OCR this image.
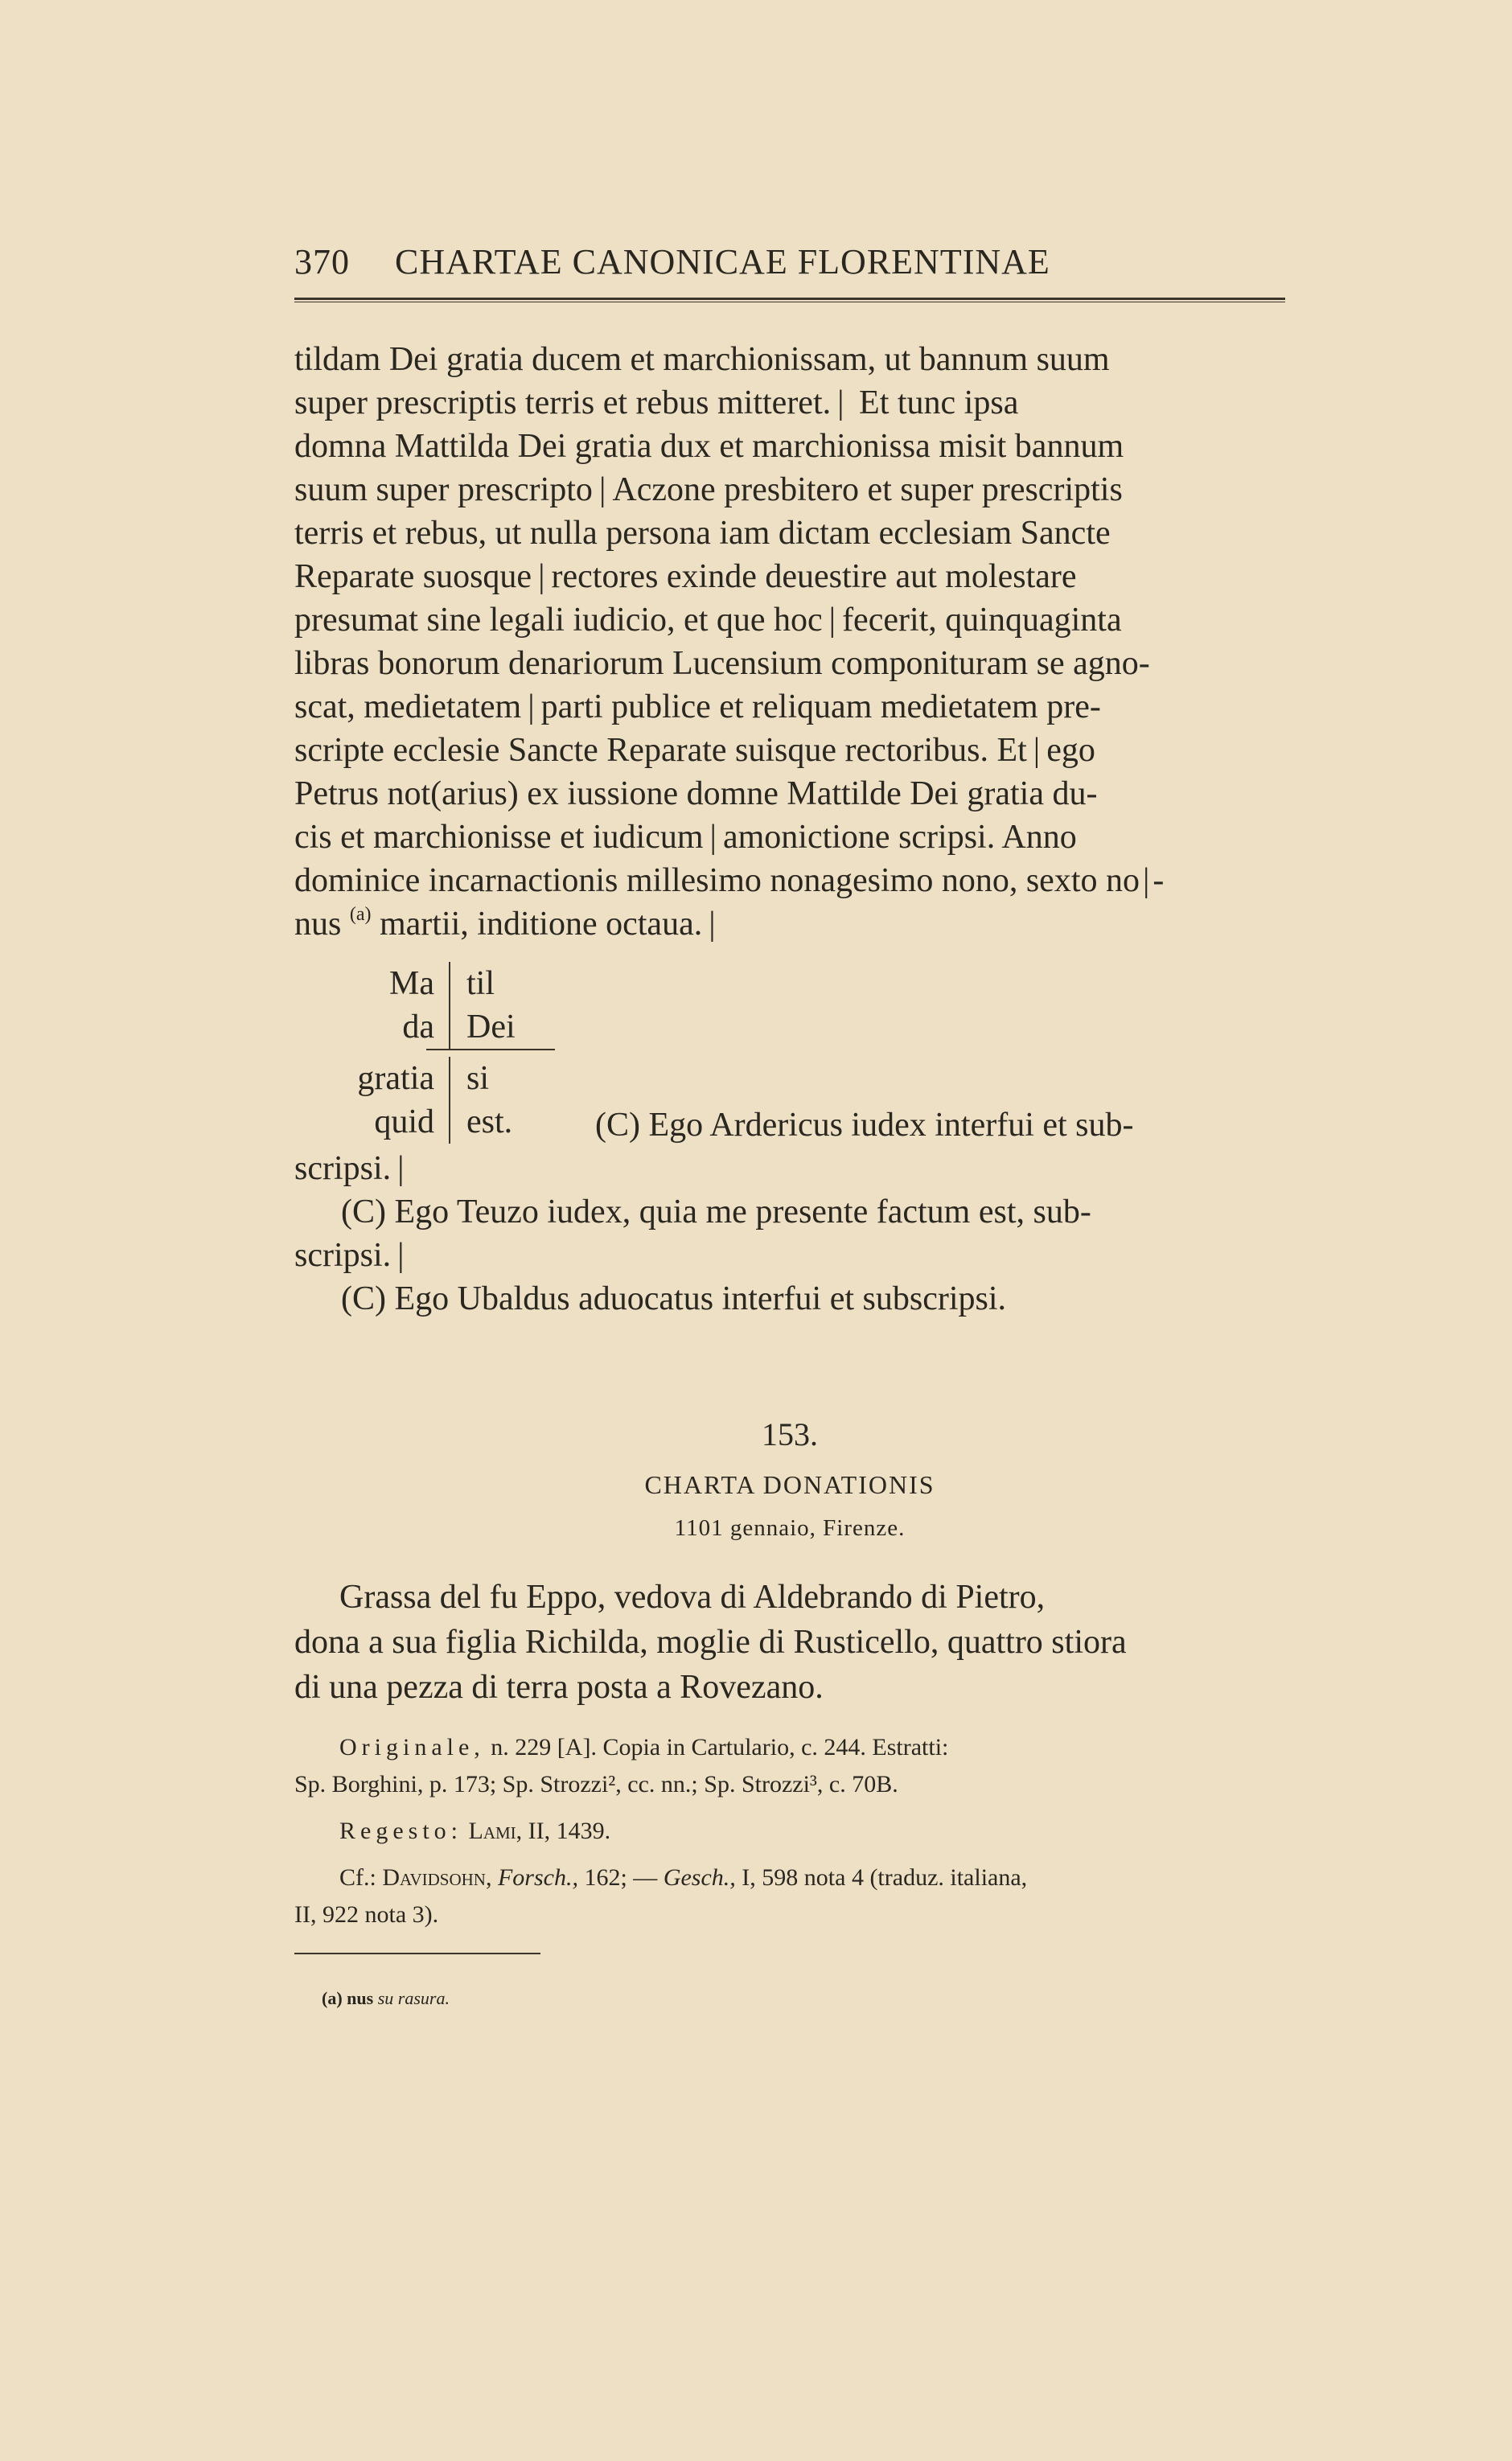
370 CHARTAE CANONICAE FLORENTINAE

tildam Dei gratia ducem et marchionissam, ut bannum suum

super prescriptis terris et rebus mitteret. | Et tunc ipsa

domna Mattilda Dei gratia dux et marchionissa misit bannum

suum super prescripto | Aczone presbitero et super prescriptis

terris et rebus, ut nulla persona iam dictam ecclesiam Sancte

Reparate suosque | rectores exinde deuestire aut molestare

presumat sine legali iudicio, et que hoc | fecerit, quinquaginta

libras bonorum denariorum Lucensium componituram se agno-

scat, medietatem | parti publice et reliquam medietatem pre-

scripte ecclesie Sancte Reparate suisque rectoribus. Et | ego

Petrus not(arius) ex iussione domne Mattilde Dei gratia du-

cis et marchionisse et iudicum | amonictione scripsi. Anno

dominice incarnactionis millesimo nonagesimo nono, sexto no|-

nus $^{(a)}$ martii, inditione octaua. |

Ma til
da Dei
gratia si
quid est.	(C) Ego Ardericus iudex interfui et sub-
scripsi. |
(C) Ego Teuzo iudex, quia me presente factum est, sub-
scripsi. |
(C) Ego Ubaldus aduocatus interfui et subscripsi.
153.
CHARTA DONATIONIS
1101 gennaio, Firenze.
Grassa del fu Eppo, vedova di Aldebrando di Pietro,
dona a sua figlia Richilda, moglie di Rusticello, quattro stiora
di una pezza di terra posta a Rovezano.

Originale, n. 229 [A]. Copia in Cartulario, c. 244. Estratti:
Sp. Borghini, p. 173; Sp. Strozzi², cc. nn.; Sp. Strozzi³, c. 70B.

Regesto: Lami, II, 1439.

Cf.: Davidsohn, Forsch., 162; — Gesch., I, 598 nota 4 (traduz. italiana,
II, 922 nota 3).

(a) nus su rasura.
